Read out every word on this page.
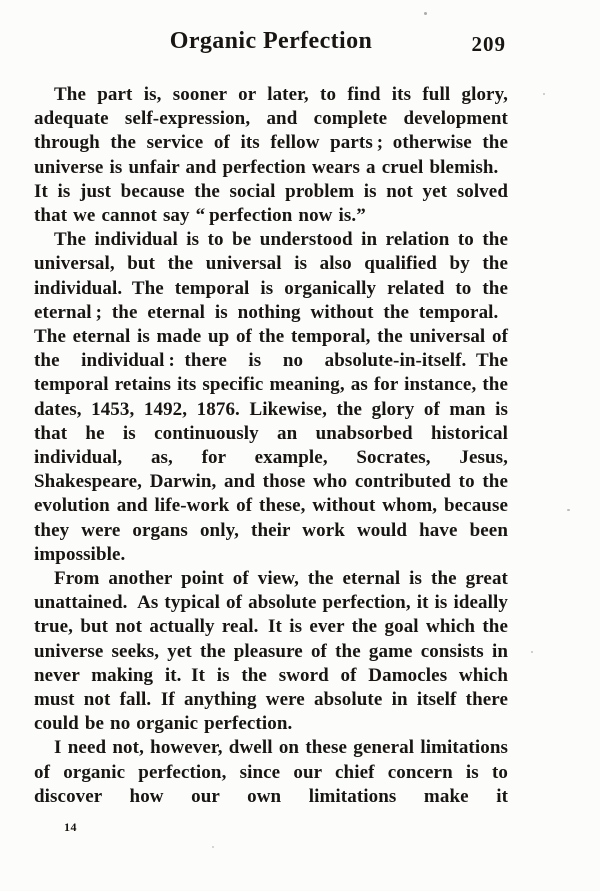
Organic Perfection	209

The part is, sooner or later, to find its full glory, adequate self-expression, and complete development through the service of its fellow parts ; otherwise the universe is unfair and perfection wears a cruel blemish. It is just because the social problem is not yet solved that we cannot say “ perfection now is.”

The individual is to be understood in relation to the universal, but the universal is also qualified by the individual. The temporal is organically related to the eternal ; the eternal is nothing without the temporal. The eternal is made up of the temporal, the universal of the individual : there is no absolute-in-itself. The temporal retains its specific meaning, as for instance, the dates, 1453, 1492, 1876. Likewise, the glory of man is that he is continuously an unabsorbed historical individual, as, for example, Socrates, Jesus, Shakespeare, Darwin, and those who contributed to the evolution and life-work of these, without whom, because they were organs only, their work would have been impossible.

From another point of view, the eternal is the great unattained. As typical of absolute perfection, it is ideally true, but not actually real. It is ever the goal which the universe seeks, yet the pleasure of the game consists in never making it. It is the sword of Damocles which must not fall. If anything were absolute in itself there could be no organic perfection.

I need not, however, dwell on these general limitations of organic perfection, since our chief concern is to discover how our own limitations make it

14
